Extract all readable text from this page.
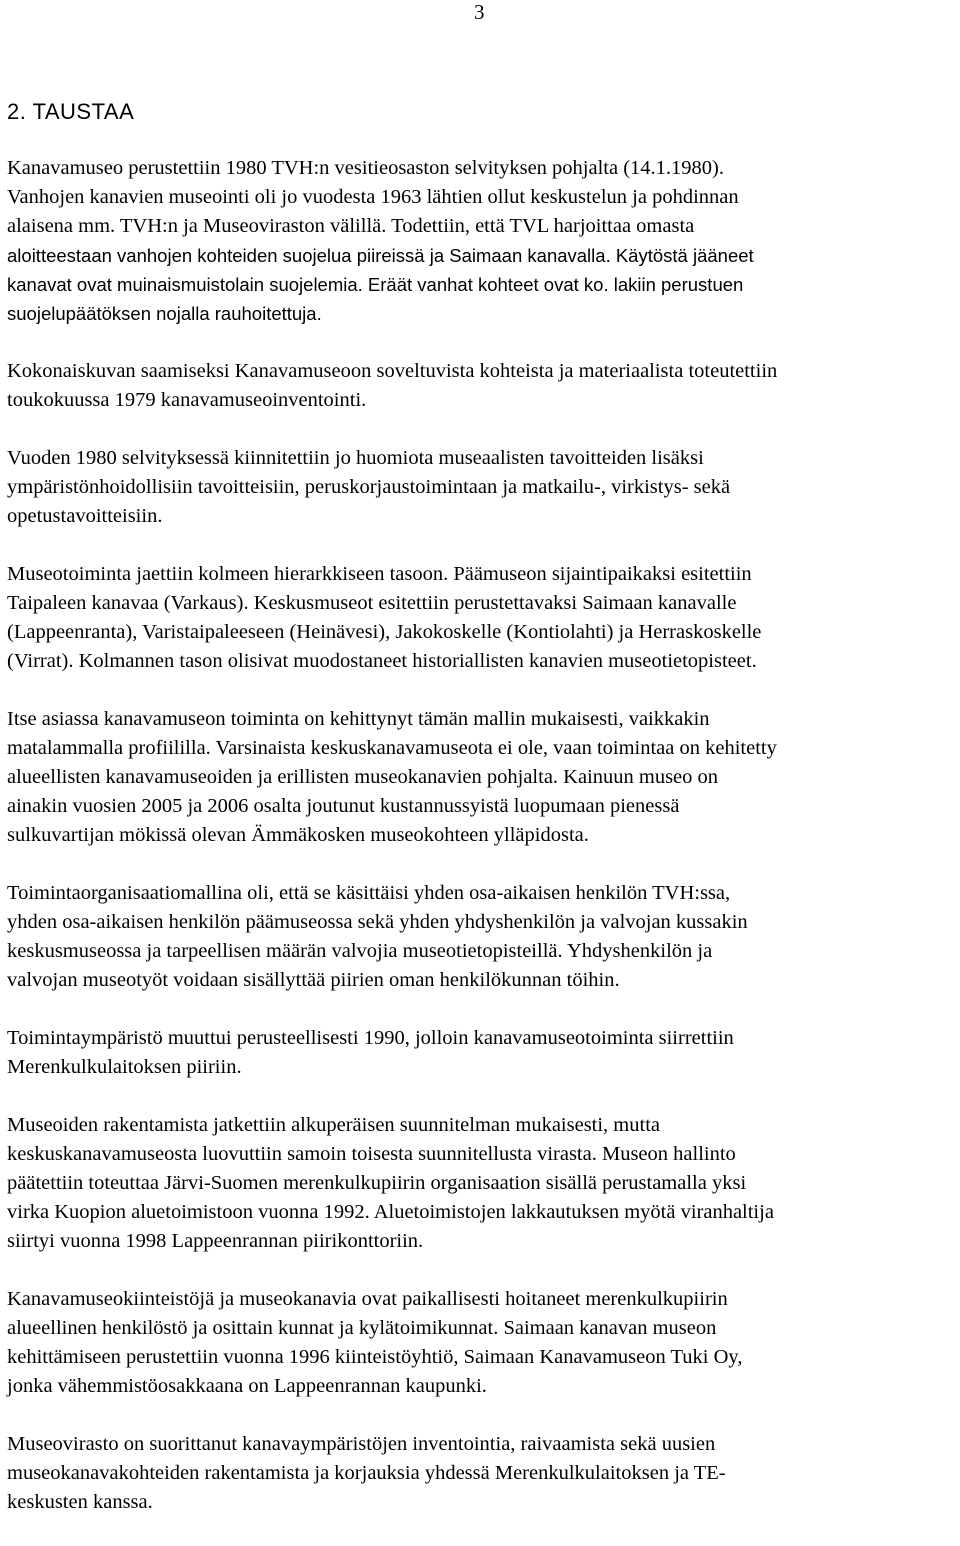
3
2. TAUSTAA

Kanavamuseo perustettiin 1980 TVH:n vesitieosaston selvityksen pohjalta (14.1.1980).
Vanhojen kanavien museointi oli jo vuodesta 1963 lähtien ollut keskustelun ja pohdinnan
alaisena mm. TVH:n ja Museoviraston välillä. Todettiin, että TVL harjoittaa omasta
aloitteestaan vanhojen kohteiden suojelua piireissä ja Saimaan kanavalla. Käytöstä jääneet
kanavat ovat muinaismuistolain suojelemia. Eräät vanhat kohteet ovat ko. lakiin perustuen
suojelupäätöksen nojalla rauhoitettuja.

Kokonaiskuvan saamiseksi Kanavamuseoon soveltuvista kohteista ja materiaalista toteutettiin
toukokuussa 1979 kanavamuseoinventointi.

Vuoden 1980 selvityksessä kiinnitettiin jo huomiota museaalisten tavoitteiden lisäksi
ympäristönhoidollisiin tavoitteisiin, peruskorjaustoimintaan ja matkailu-, virkistys- sekä
opetustavoitteisiin.

Museotoiminta jaettiin kolmeen hierarkkiseen tasoon. Päämuseon sijaintipaikaksi esitettiin
Taipaleen kanavaa (Varkaus). Keskusmuseot esitettiin perustettavaksi Saimaan kanavalle
(Lappeenranta), Varistaipaleeseen (Heinävesi), Jakokoskelle (Kontiolahti) ja Herraskoskelle
(Virrat). Kolmannen tason olisivat muodostaneet historiallisten kanavien museotietopisteet.

Itse asiassa kanavamuseon toiminta on kehittynyt tämän mallin mukaisesti, vaikkakin
matalammalla profiililla. Varsinaista keskuskanavamuseota ei ole, vaan toimintaa on kehitetty
alueellisten kanavamuseoiden ja erillisten museokanavien pohjalta. Kainuun museo on
ainakin vuosien 2005 ja 2006 osalta joutunut kustannussyistä luopumaan pienessä
sulkuvartijan mökissä olevan Ämmäkosken museokohteen ylläpidosta.

Toimintaorganisaatiomallina oli, että se käsittäisi yhden osa-aikaisen henkilön TVH:ssa,
yhden osa-aikaisen henkilön päämuseossa sekä yhden yhdyshenkilön ja valvojan kussakin
keskusmuseossa ja tarpeellisen määrän valvojia museotietopisteillä. Yhdyshenkilön ja
valvojan museotyöt voidaan sisällyttää piirien oman henkilökunnan töihin.

Toimintaympäristö muuttui perusteellisesti 1990, jolloin kanavamuseotoiminta siirrettiin
Merenkulkulaitoksen piiriin.

Museoiden rakentamista jatkettiin alkuperäisen suunnitelman mukaisesti, mutta
keskuskanavamuseosta luovuttiin samoin toisesta suunnitellusta virasta. Museon hallinto
päätettiin toteuttaa Järvi-Suomen merenkulkupiirin organisaation sisällä perustamalla yksi
virka Kuopion aluetoimistoon vuonna 1992. Aluetoimistojen lakkautuksen myötä viranhaltija
siirtyi vuonna 1998 Lappeenrannan piirikonttoriin.

Kanavamuseokiinteistöjä ja museokanavia ovat paikallisesti hoitaneet merenkulkupiirin
alueellinen henkilöstö ja osittain kunnat ja kylätoimikunnat. Saimaan kanavan museon
kehittämiseen perustettiin vuonna 1996 kiinteistöyhtiö, Saimaan Kanavamuseon Tuki Oy,
jonka vähemmistöosakkaana on Lappeenrannan kaupunki.

Museovirasto on suorittanut kanavaympäristöjen inventointia, raivaamista sekä uusien
museokanavakohteiden rakentamista ja korjauksia yhdessä Merenkulkulaitoksen ja TE-
keskusten kanssa.
